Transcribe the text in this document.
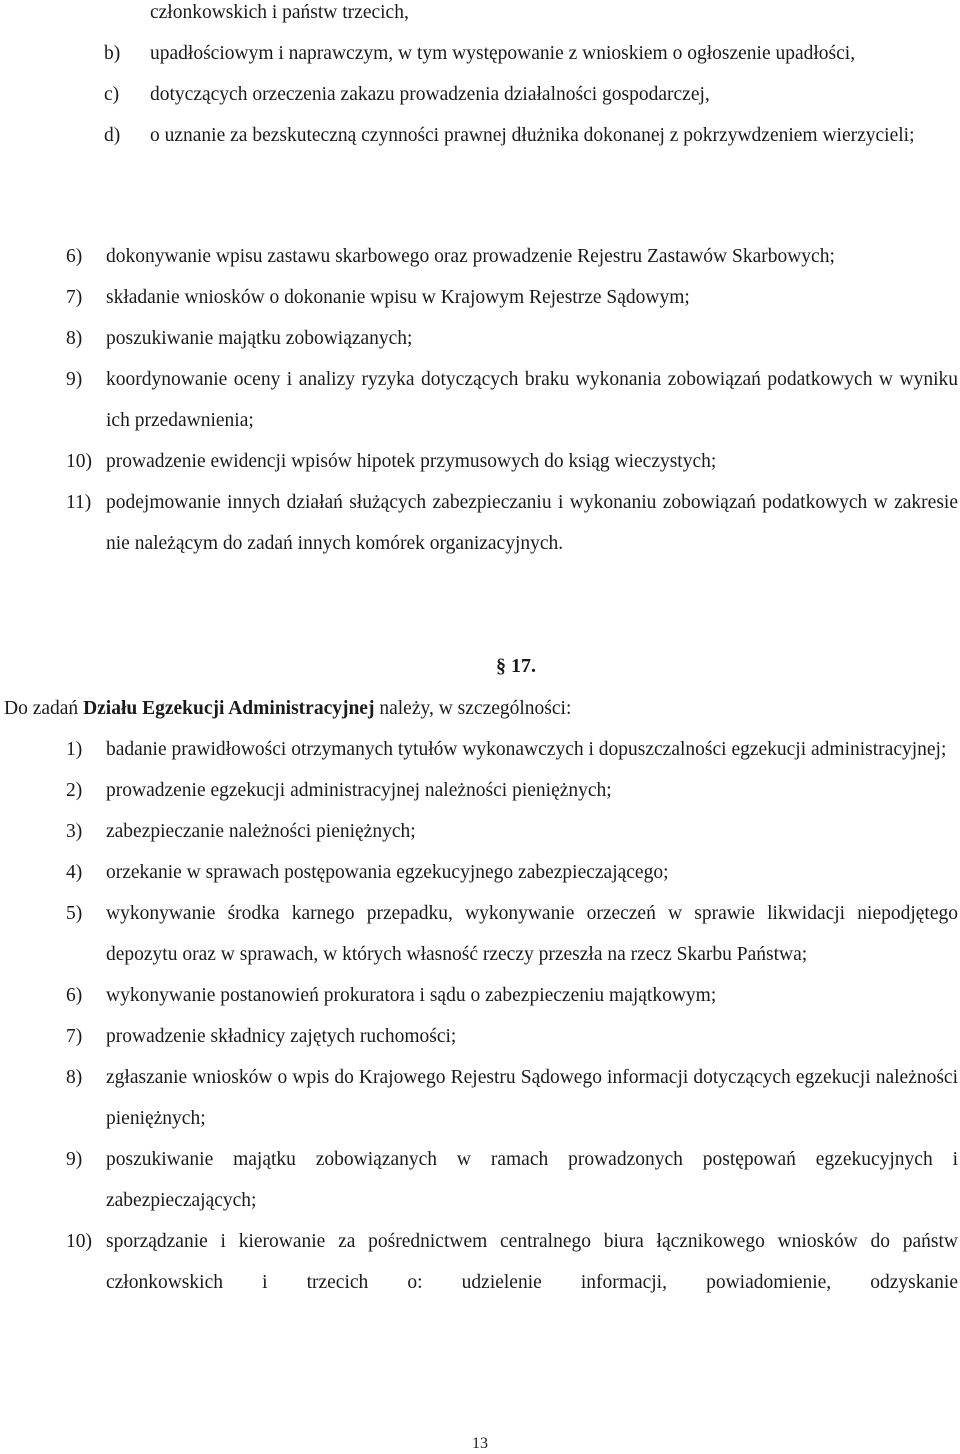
członkowskich i państw trzecich,
b)	upadłościowym i naprawczym, w tym występowanie z wnioskiem o ogłoszenie upadłości,
c)	dotyczących orzeczenia zakazu prowadzenia działalności gospodarczej,
d)	o uznanie za bezskuteczną czynności prawnej dłużnika dokonanej z pokrzywdzeniem wierzycieli;
6)	dokonywanie wpisu zastawu skarbowego oraz prowadzenie Rejestru Zastawów Skarbowych;
7)	składanie wniosków o dokonanie wpisu w Krajowym Rejestrze Sądowym;
8)	poszukiwanie majątku zobowiązanych;
9)	koordynowanie oceny i analizy ryzyka dotyczących braku wykonania zobowiązań podatkowych w wyniku ich przedawnienia;
10) prowadzenie ewidencji wpisów hipotek przymusowych do ksiąg wieczystych;
11) podejmowanie innych działań służących zabezpieczaniu i wykonaniu zobowiązań podatkowych w zakresie nie należącym do zadań innych komórek organizacyjnych.
§ 17.
Do zadań Działu Egzekucji Administracyjnej należy, w szczególności:
1)	badanie prawidłowości otrzymanych tytułów wykonawczych i dopuszczalności egzekucji administracyjnej;
2)	prowadzenie egzekucji administracyjnej należności pieniężnych;
3)	zabezpieczanie należności pieniężnych;
4)	orzekanie w sprawach postępowania egzekucyjnego zabezpieczającego;
5)	wykonywanie środka karnego przepadku, wykonywanie orzeczeń w sprawie likwidacji niepodjętego depozytu oraz w sprawach, w których własność rzeczy przeszła na rzecz Skarbu Państwa;
6)	wykonywanie postanowień prokuratora i sądu o zabezpieczeniu majątkowym;
7)	prowadzenie składnicy zajętych ruchomości;
8)	zgłaszanie wniosków o wpis do Krajowego Rejestru Sądowego informacji dotyczących egzekucji należności pieniężnych;
9)	poszukiwanie majątku zobowiązanych w ramach prowadzonych postępowań egzekucyjnych i zabezpieczających;
10) sporządzanie i kierowanie za pośrednictwem centralnego biura łącznikowego wniosków do państw członkowskich i trzecich o: udzielenie informacji, powiadomienie, odzyskanie
13
